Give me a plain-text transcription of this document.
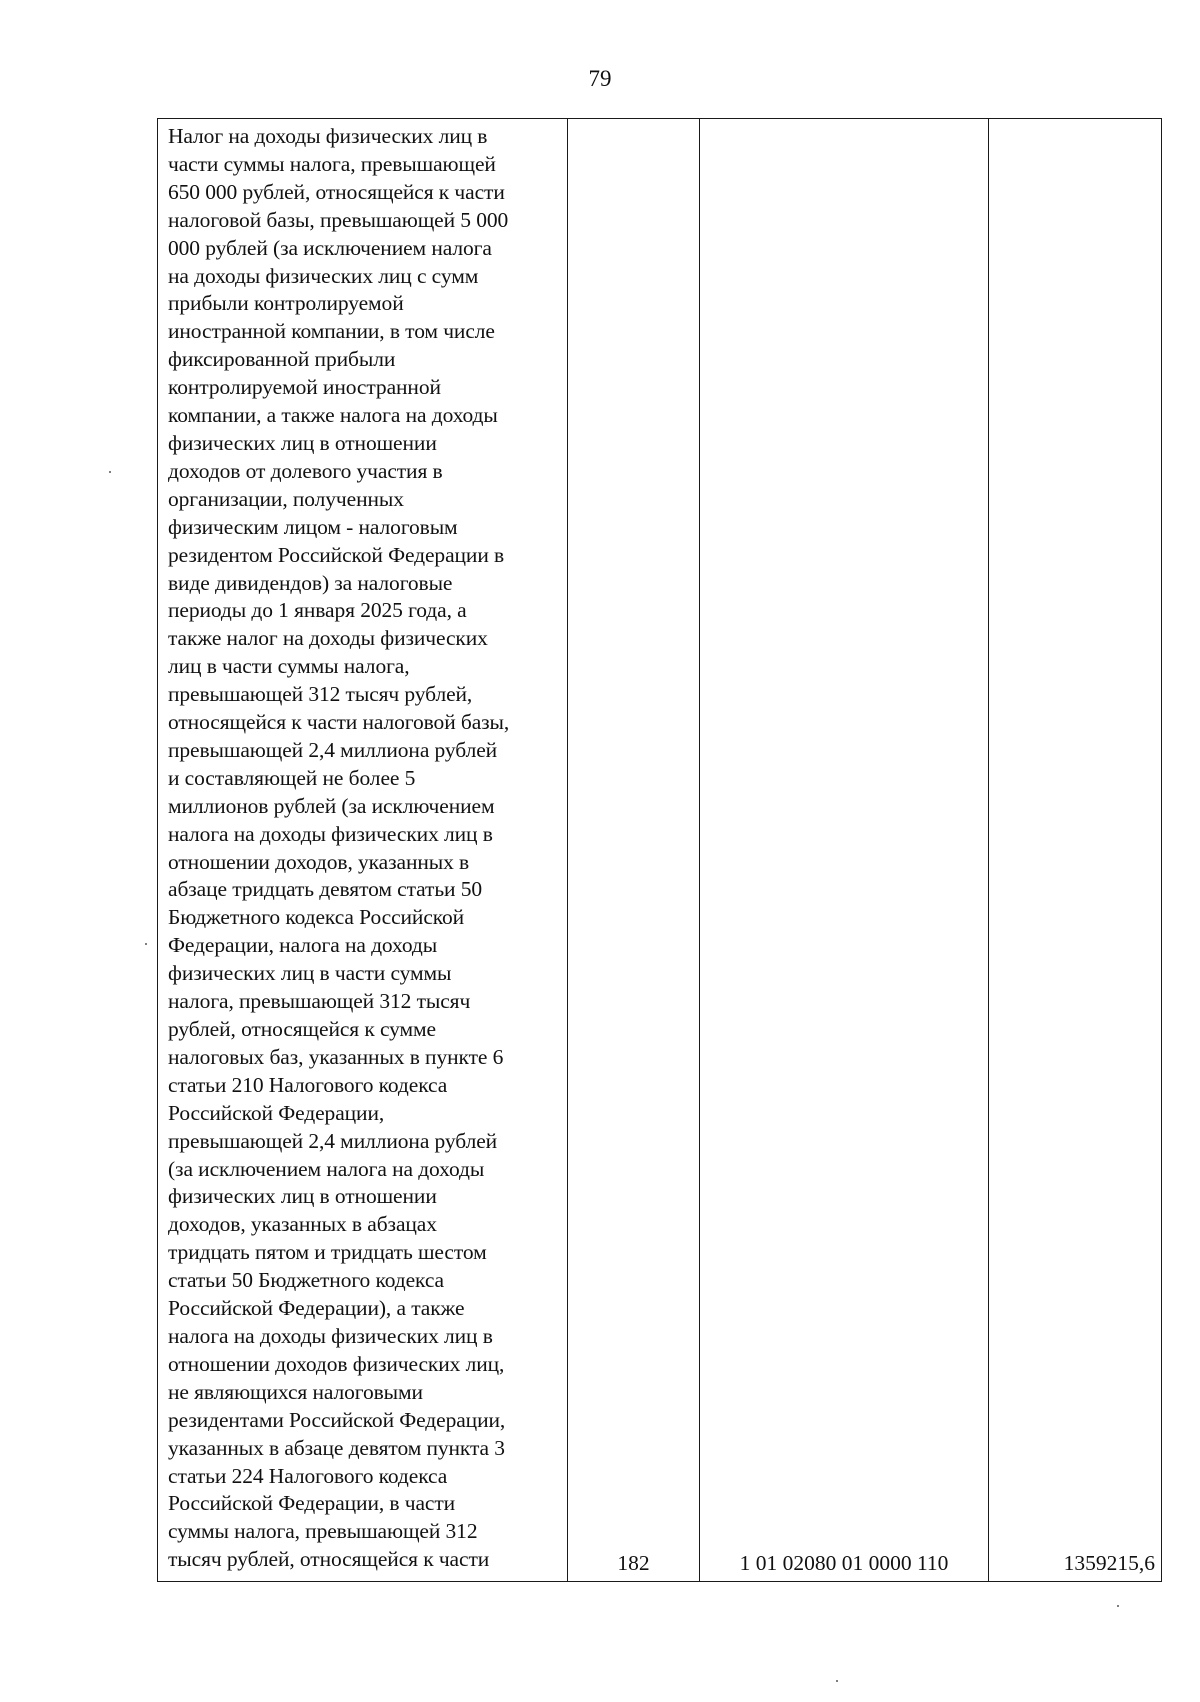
79
Налог на доходы физических лиц в
части суммы налога, превышающей
650 000 рублей, относящейся к части
налоговой базы, превышающей 5 000
000 рублей (за исключением налога
на доходы физических лиц с сумм
прибыли контролируемой
иностранной компании, в том числе
фиксированной прибыли
контролируемой иностранной
компании, а также налога на доходы
физических лиц в отношении
доходов от долевого участия в
организации, полученных
физическим лицом - налоговым
резидентом Российской Федерации в
виде дивидендов) за налоговые
периоды до 1 января 2025 года, а
также налог на доходы физических
лиц в части суммы налога,
превышающей 312 тысяч рублей,
относящейся к части налоговой базы,
превышающей 2,4 миллиона рублей
и составляющей не более 5
миллионов рублей (за исключением
налога на доходы физических лиц в
отношении доходов, указанных в
абзаце тридцать девятом статьи 50
Бюджетного кодекса Российской
Федерации, налога на доходы
физических лиц в части суммы
налога, превышающей 312 тысяч
рублей, относящейся к сумме
налоговых баз, указанных в пункте 6
статьи 210 Налогового кодекса
Российской Федерации,
превышающей 2,4 миллиона рублей
(за исключением налога на доходы
физических лиц в отношении
доходов, указанных в абзацах
тридцать пятом и тридцать шестом
статьи 50 Бюджетного кодекса
Российской Федерации), а также
налога на доходы физических лиц в
отношении доходов физических лиц,
не являющихся налоговыми
резидентами Российской Федерации,
указанных в абзаце девятом пункта 3
статьи 224 Налогового кодекса
Российской Федерации, в части
суммы налога, превышающей 312
тысяч рублей, относящейся к части	182	1 01 02080 01 0000 110	1359215,6
